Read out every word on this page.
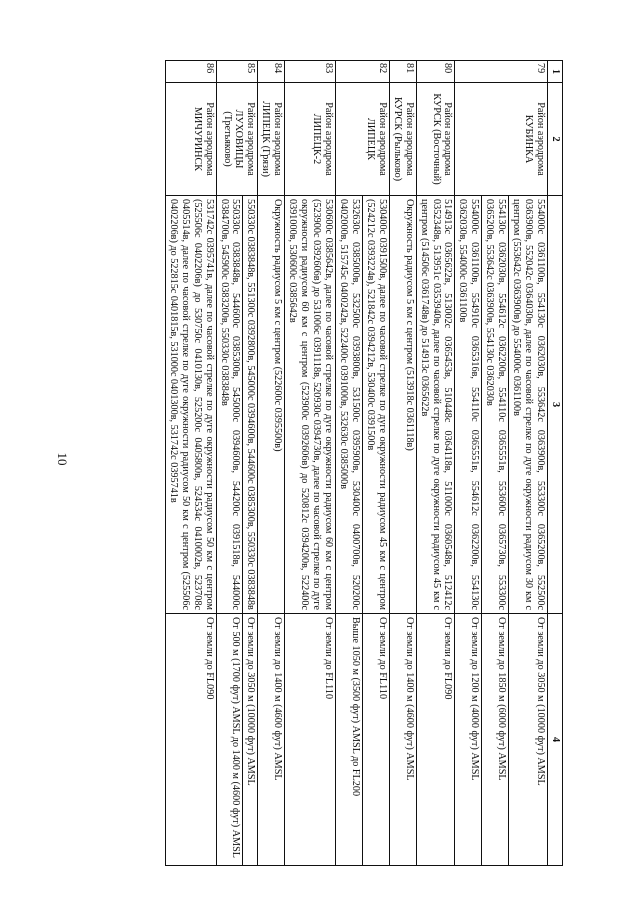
10
1	2	3	4
79	Район аэродрома КУБИНКА	554000с 0361100в, 554130с 0362030в, 553642с 0363900в, 553300с 0365200в, 552500с 0363900в, 552042с 0364030в, далее по часовой стрелке по дуге окружности радиусом 30 км с центром (553642с 0363900в) до 554000с 0361100в	От земли до 3050 м (10000 фут) AMSL
		554130с 0362030в, 554612с 0362200в, 554110с 0365551в, 553600с 0365730в, 553300с 0365200в, 553642с 0363900в, 554130с 0362030в	От земли до 1850 м (6000 фут) AMSL
		554000с 0361100в, 554910с 0365316в, 554110с 0365551в, 554612с 0362200в, 554130с 0362030в, 554000с 0361100в	От земли до 1200 м (4000 фут) AMSL
80	Район аэродрома КУРСК (Восточный)	514913с 0365622в, 513002с 0365453в, 510448с 0364118в, 511000с 0360548в, 512412с 0352348в, 513951с 0353940в, далее по часовой стрелке по дуге окружности радиусом 45 км с центром (514506с 0361748в) до 514913с 0365622в	От земли до FL090
81	Район аэродрома КУРСК (Рыльково)	Окружность радиусом 5 км с центром (513918с 0361118в)	От земли до 1400 м (4600 фут) AMSL
82	Район аэродрома ЛИПЕЦК	530400с 0391500в, далее по часовой стрелке по дуге окружности радиусом 45 км с центром (524212с 0393224в), 521842с 0394212в, 530400с 0391500в	От земли до FL110
		532630с 0385000в, 532500с 0393800в, 531500с 0395900в, 530400с 0400700в, 520200с 0402000в, 515745с 0400242в, 522400с 0391000в, 532630с 0385000в	Выше 1050 м (3500 фут) AMSL до FL200
83	Район аэродрома ЛИПЕЦК-2	530600с 0385642в, далее по часовой стрелке по дуге окружности радиусом 60 км с центром (523900с 0392606в) до 531006с 0391118в, 520930с 0394730в, далее по часовой стрелке по дуге окружности радиусом 60 км с центром (523900с 0392606в) до 520812с 0394200в, 522400с 0391000в, 530600с 0385642в	От земли до FL110
84	Район аэродрома ЛИПЕЦК (Грязи)	Окружность радиусом 5 км с центром (522600с 0395500в)	От земли до 1400 м (4600 фут) AMSL
85	Район аэродрома ЛУХОВИЦЫ (Третьяково)	550330с 0383848в, 551300с 0392800в, 545000с 0394600в, 544600с 0385300в, 550330с 0383848в	От земли до 3050 м (10000 фут) AMSL
		550330с 0383848в, 544600с 0385300в, 545000с 0394600в, 544200с 0391518в, 544000с 0384700в, 545900с 0383200в, 550330с 0383848в	От 500 м (1700 фут) AMSL до 1400 м (4600 фут) AMSL
86	Район аэродрома МИЧУРИНСК	531742с 0395741в, далее по часовой стрелке по дуге окружности радиусом 50 км с центром (525506с 0402206в) до 530750с 0410130в, 525200с 0405800в, 524534с 0410002в, 523708с 0405514в, далее по часовой стрелке по дуге окружности радиусом 50 км с центром (525506с 0402206в) до 522815с 0401815в, 531000с 0401300в, 531742с 0395741в	От земли до FL090
